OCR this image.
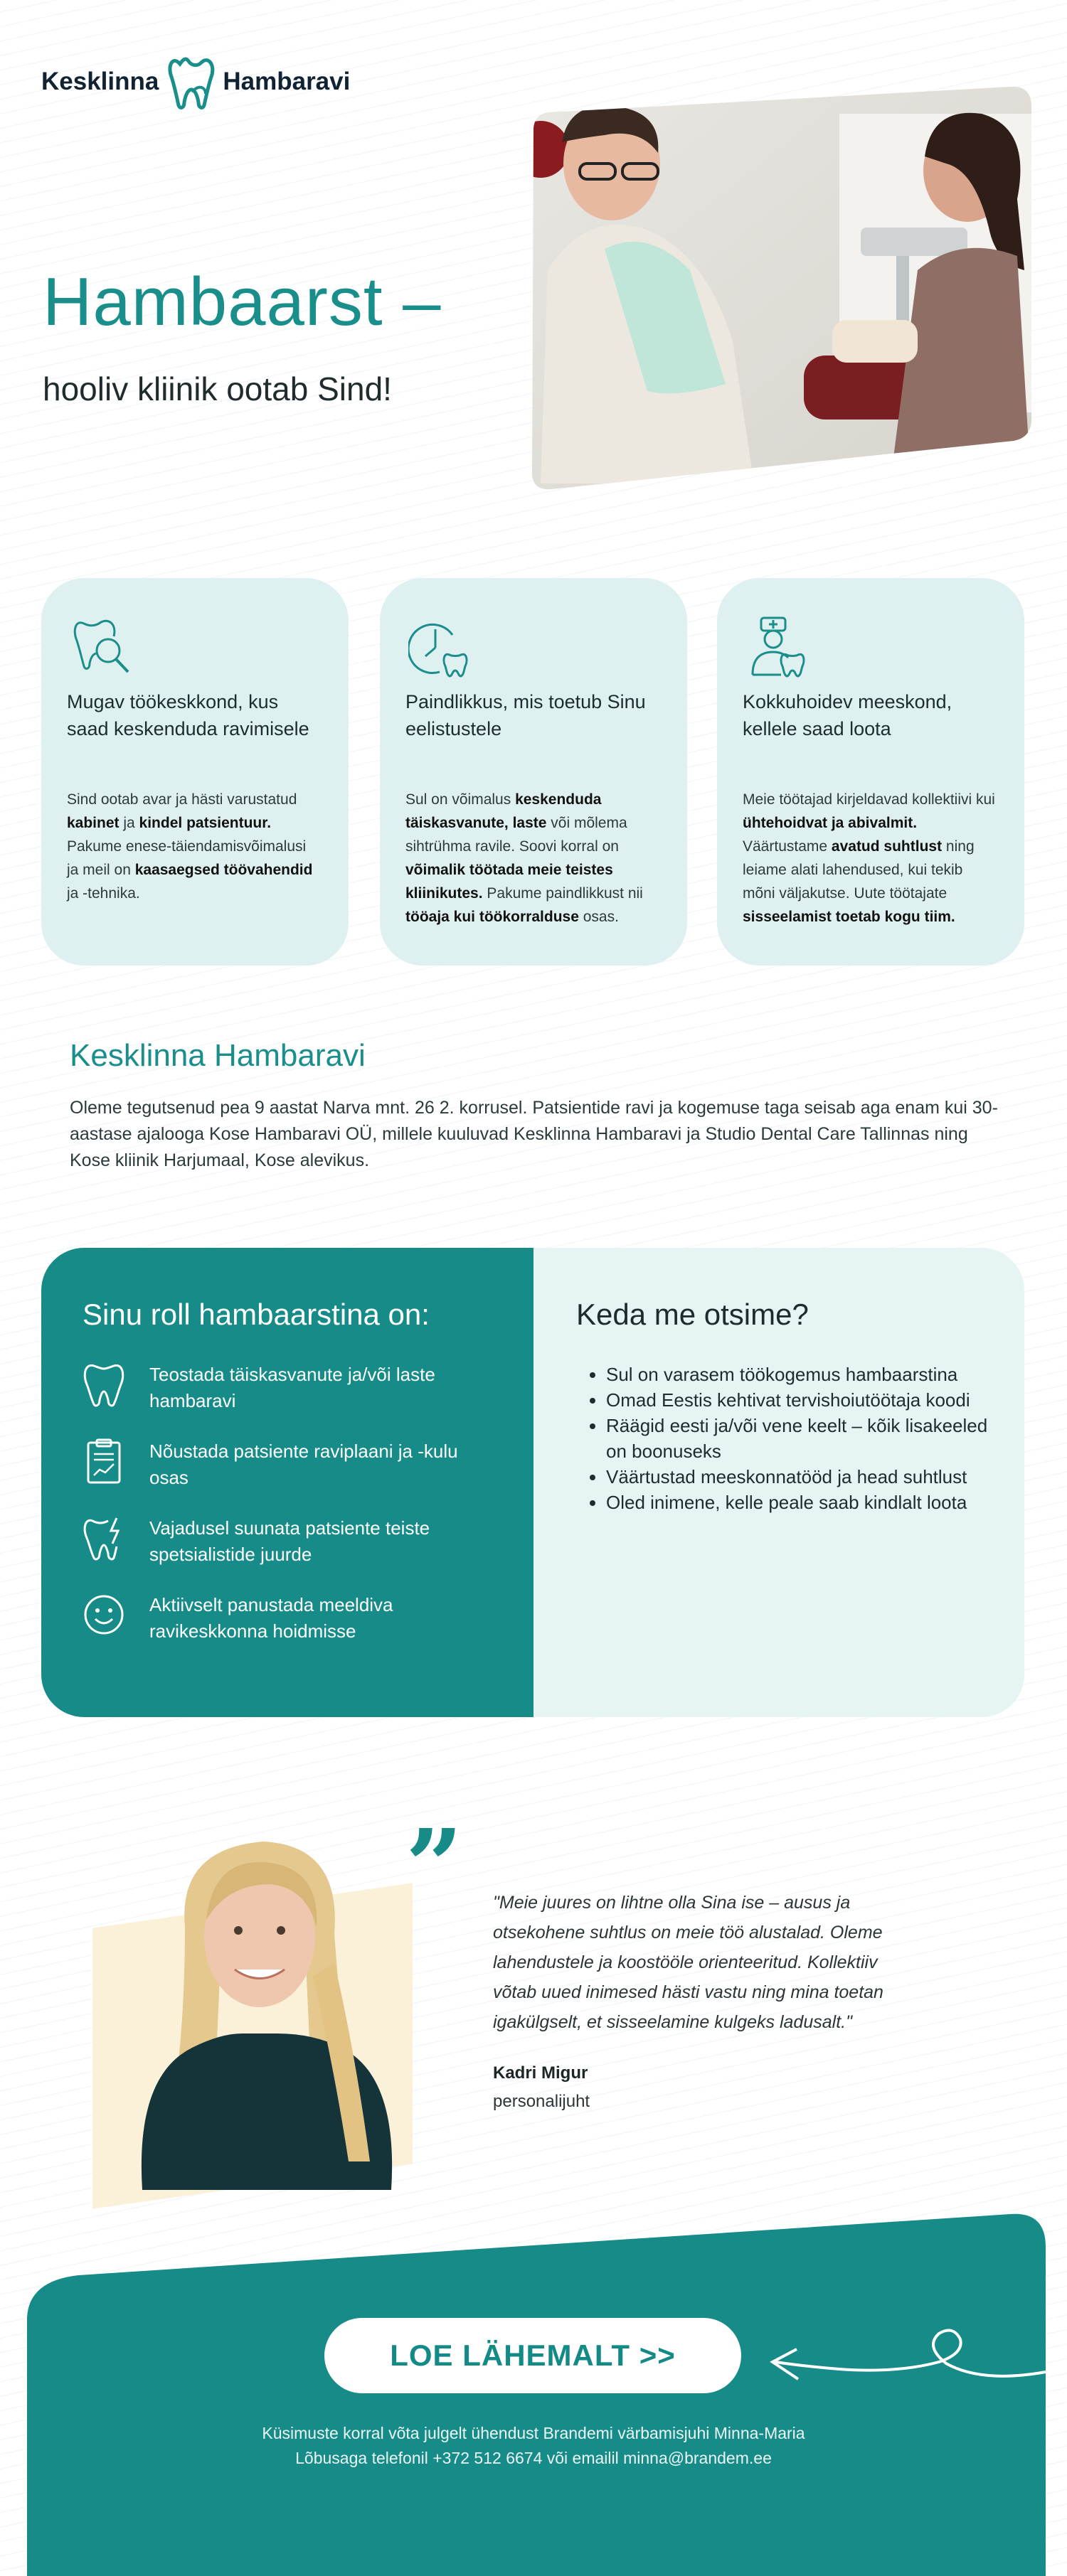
Kesklinna	Hambaravi
Hambaarst –
hooliv kliinik ootab Sind!
Mugav töökeskkond, kus saad keskenduda ravimisele

Sind ootab avar ja hästi varustatud kabinet ja kindel patsientuur. Pakume enese-täiendamisvõimalusi ja meil on kaasaegsed töövahendid ja -tehnika.

Paindlikkus, mis toetub Sinu eelistustele

Sul on võimalus keskenduda täiskasvanute, laste või mõlema sihtrühma ravile. Soovi korral on võimalik töötada meie teistes kliinikutes. Pakume paindlikkust nii tööaja kui töökorralduse osas.

Kokkuhoidev meeskond, kellele saad loota

Meie töötajad kirjeldavad kollektiivi kui ühtehoidvat ja abivalmit. Väärtustame avatud suhtlust ning leiame alati lahendused, kui tekib mõni väljakutse. Uute töötajate sisseelamist toetab kogu tiim.

Kesklinna Hambaravi
Oleme tegutsenud pea 9 aastat Narva mnt. 26 2. korrusel. Patsientide ravi ja kogemuse taga seisab aga enam kui 30-aastase ajalooga Kose Hambaravi OÜ, millele kuuluvad Kesklinna Hambaravi ja Studio Dental Care Tallinnas ning Kose kliinik Harjumaal, Kose alevikus.
Sinu roll hambaarstina on:
Teostada täiskasvanute ja/või laste hambaravi
Nõustada patsiente raviplaani ja -kulu osas
Vajadusel suunata patsiente teiste spetsialistide juurde
Aktiivselt panustada meeldiva ravikeskkonna hoidmisse
Keda me otsime?
• Sul on varasem töökogemus hambaarstina
• Omad Eestis kehtivat tervishoiutöötaja koodi
• Räägid eesti ja/või vene keelt – kõik lisakeeled on boonuseks
• Väärtustad meeskonnatööd ja head suhtlust
• Oled inimene, kelle peale saab kindlalt loota
” "Meie juures on lihtne olla Sina ise – ausus ja otsekohene suhtlus on meie töö alustalad. Oleme lahendustele ja koostööle orienteeritud. Kollektiiv võtab uued inimesed hästi vastu ning mina toetan igakülgselt, et sisseelamine kulgeks ladusalt."
Kadri Migur
personalijuht
LOE LÄHEMALT >>
Küsimuste korral võta julgelt ühendust Brandemi värbamisjuhi Minna-Maria
Lõbusaga telefonil +372 512 6674 või emailil minna@brandem.ee
